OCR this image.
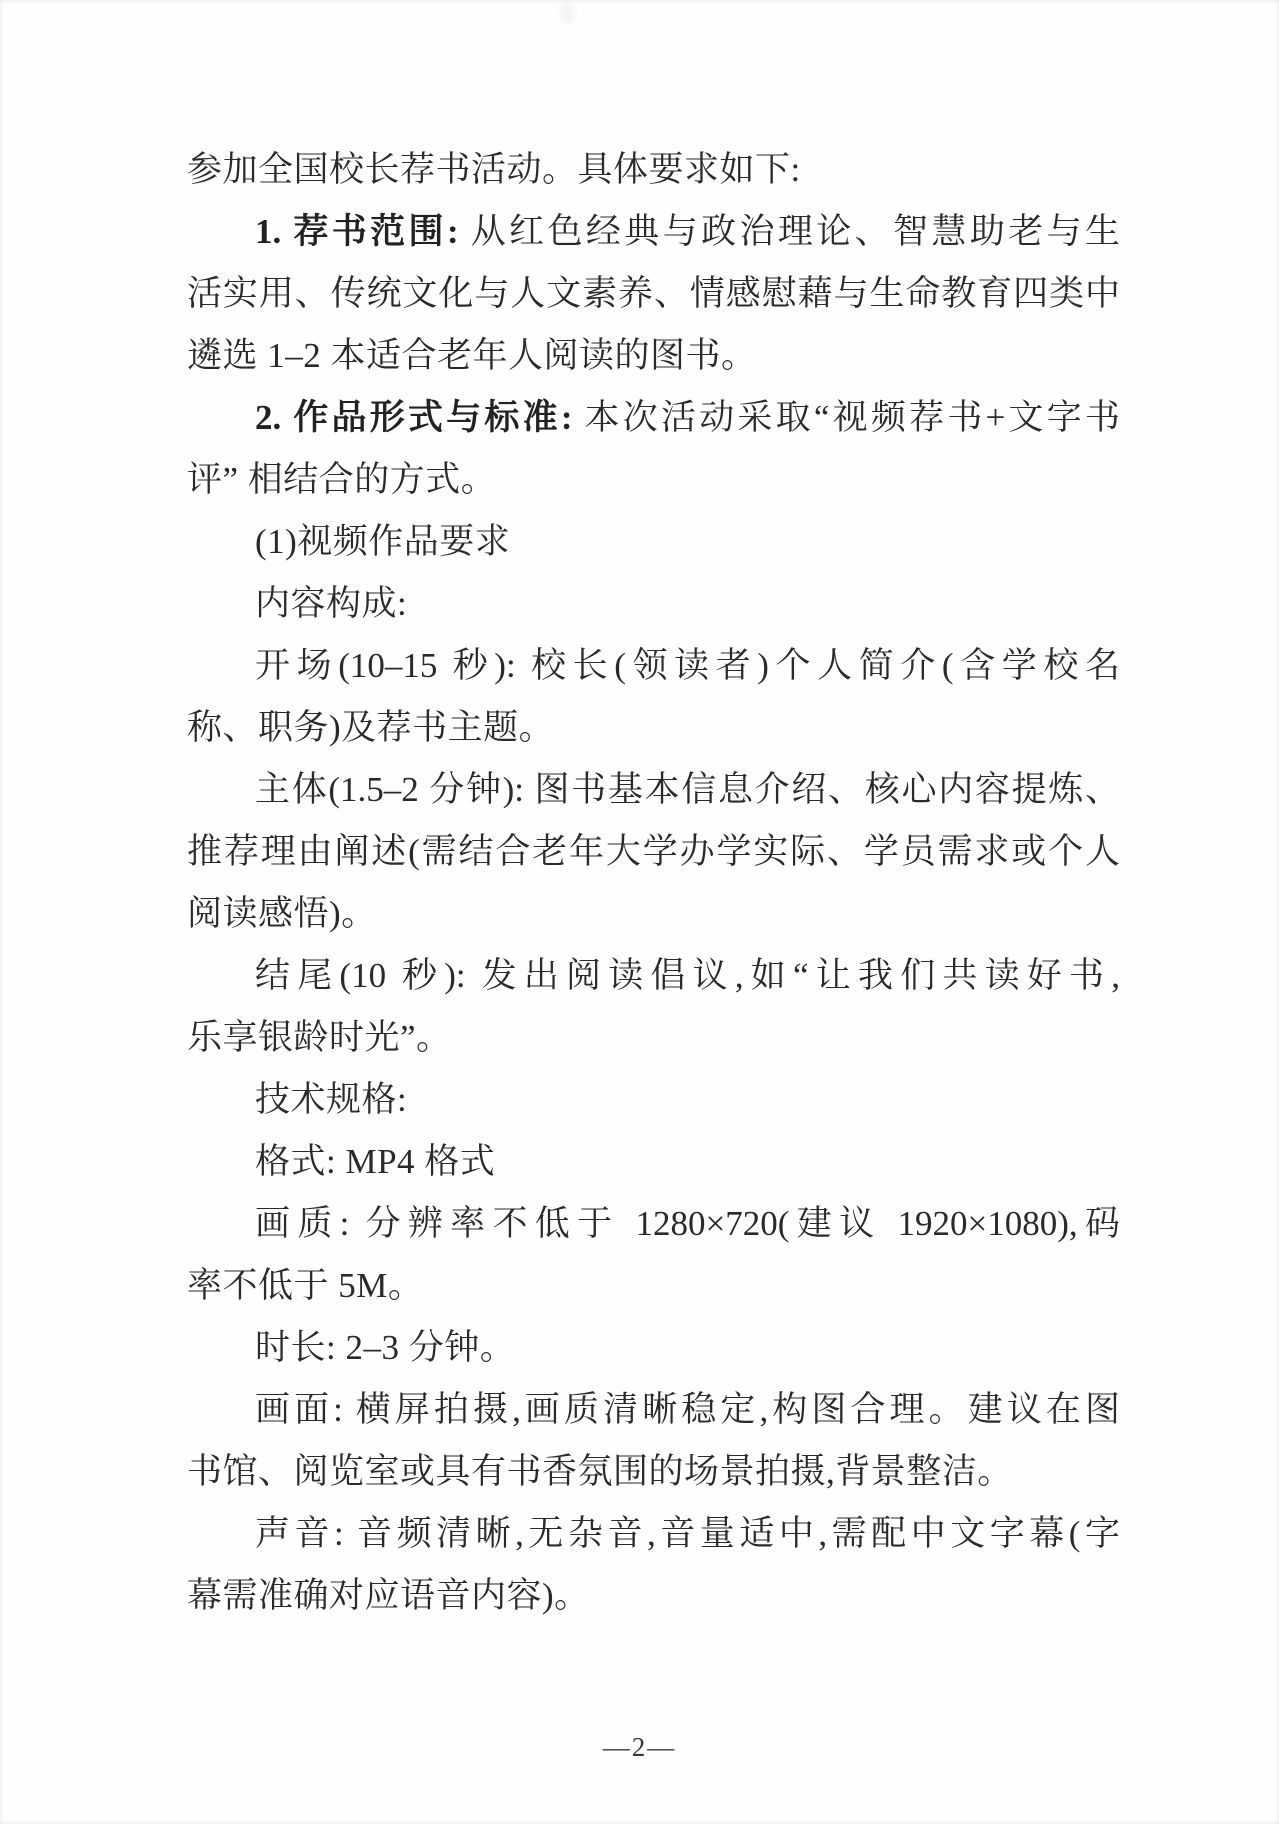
参加全国校长荐书活动。具体要求如下:
1. 荐书范围: 从红色经典与政治理论、智慧助老与生
活实用、传统文化与人文素养、情感慰藉与生命教育四类中
遴选 1–2 本适合老年人阅读的图书。
2. 作品形式与标准: 本次活动采取“视频荐书+文字书
评” 相结合的方式。
(1)视频作品要求
内容构成:
开场(10–15 秒): 校长(领读者)个人简介(含学校名
称、职务)及荐书主题。
主体(1.5–2 分钟): 图书基本信息介绍、核心内容提炼、
推荐理由阐述(需结合老年大学办学实际、学员需求或个人
阅读感悟)。
结尾(10 秒): 发出阅读倡议,如“让我们共读好书,
乐享银龄时光”。
技术规格:
格式: MP4 格式
画质: 分辨率不低于 1280×720(建议 1920×1080),码
率不低于 5M。
时长: 2–3 分钟。
画面: 横屏拍摄,画质清晰稳定,构图合理。建议在图
书馆、阅览室或具有书香氛围的场景拍摄,背景整洁。
声音: 音频清晰,无杂音,音量适中,需配中文字幕(字
幕需准确对应语音内容)。
—2—
